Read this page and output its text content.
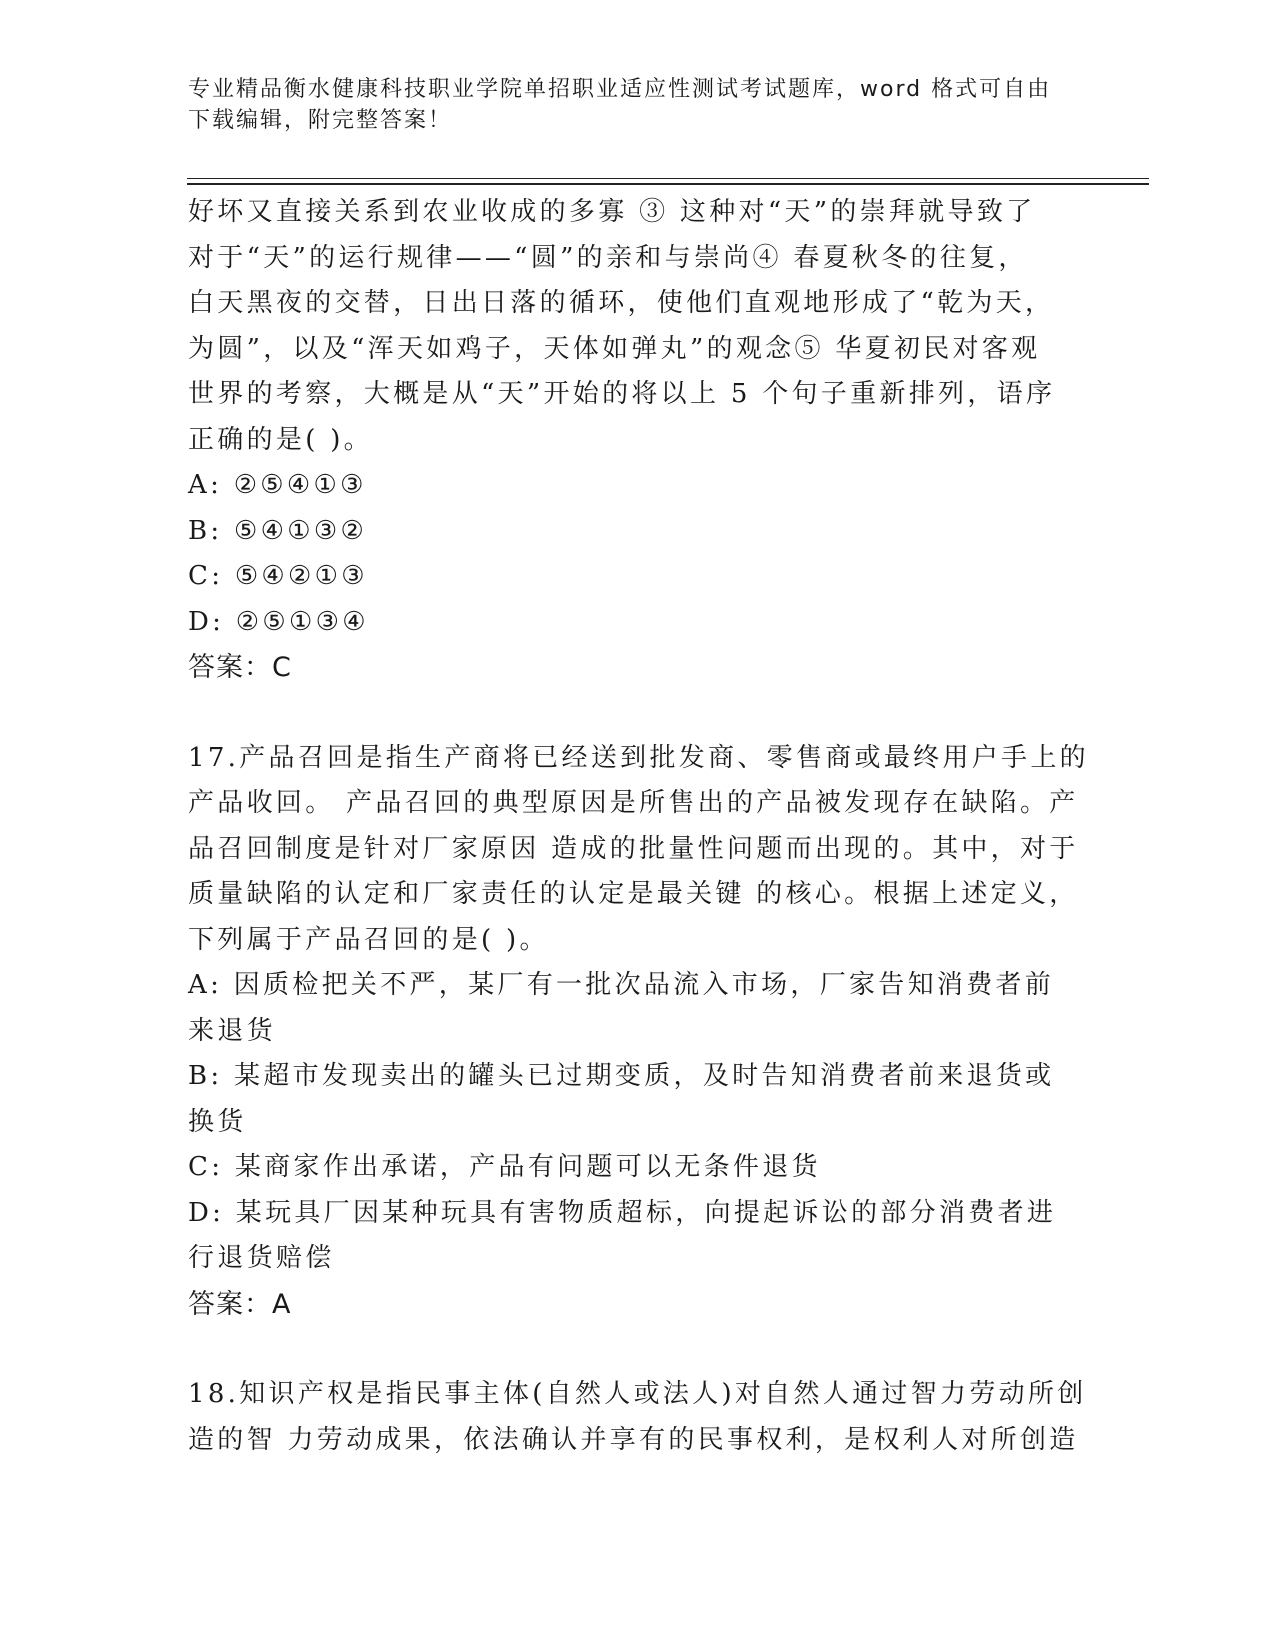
专业精品衡水健康科技职业学院单招职业适应性测试考试题库，word 格式可自由
下载编辑，附完整答案！
好坏又直接关系到农业收成的多寡 ③ 这种对“天”的崇拜就导致了
对于“天”的运行规律——“圆”的亲和与崇尚④ 春夏秋冬的往复，
白天黑夜的交替，日出日落的循环，使他们直观地形成了“乾为天，
为圆”，以及“浑天如鸡子，天体如弹丸”的观念⑤ 华夏初民对客观
世界的考察，大概是从“天”开始的将以上 5 个句子重新排列，语序
正确的是( )。
A: ②⑤④①③
B: ⑤④①③②
C: ⑤④②①③
D: ②⑤①③④
答案：C
17.产品召回是指生产商将已经送到批发商、零售商或最终用户手上的
产品收回。 产品召回的典型原因是所售出的产品被发现存在缺陷。产
品召回制度是针对厂家原因 造成的批量性问题而出现的。其中，对于
质量缺陷的认定和厂家责任的认定是最关键 的核心。根据上述定义，
下列属于产品召回的是( )。
A: 因质检把关不严，某厂有一批次品流入市场，厂家告知消费者前
来退货
B: 某超市发现卖出的罐头已过期变质，及时告知消费者前来退货或
换货
C: 某商家作出承诺，产品有问题可以无条件退货
D: 某玩具厂因某种玩具有害物质超标，向提起诉讼的部分消费者进
行退货赔偿
答案：A
18.知识产权是指民事主体(自然人或法人)对自然人通过智力劳动所创
造的智 力劳动成果，依法确认并享有的民事权利，是权利人对所创造
